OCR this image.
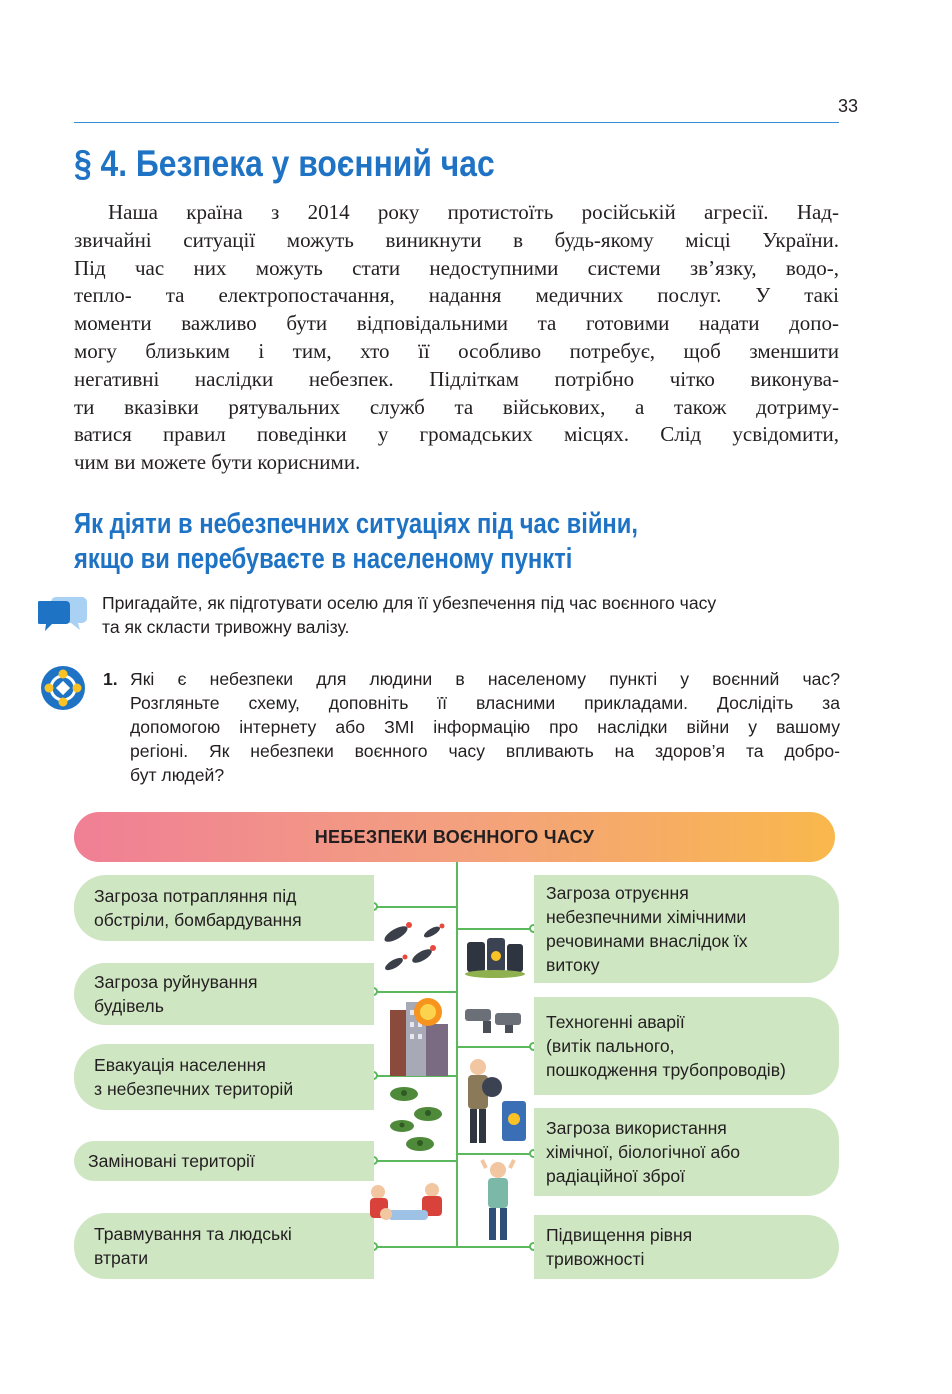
33
§ 4. Безпека у воєнний час
Наша країна з 2014 року протистоїть російській агресії. Над-
звичайні ситуації можуть виникнути в будь-якому місці України.
Під час них можуть стати недоступними системи зв’язку, водо-,
тепло- та електропостачання, надання медичних послуг. У такі
моменти важливо бути відповідальними та готовими надати допо-
могу близьким і тим, хто її особливо потребує, щоб зменшити
негативні наслідки небезпек. Підліткам потрібно чітко виконува-
ти вказівки рятувальних служб та військових, а також дотриму-
ватися правил поведінки у громадських місцях. Слід усвідомити,
чим ви можете бути корисними.
Як діяти в небезпечних ситуаціях під час війни,
якщо ви перебуваєте в населеному пункті
Пригадайте, як підготувати оселю для її убезпечення під час воєнного часу
та як скласти тривожну валізу.
1. Які є небезпеки для людини в населеному пункті у воєнний час?
Розгляньте схему, доповніть її власними прикладами. Дослідіть за
допомогою інтернету або ЗМІ інформацію про наслідки війни у вашому
регіоні. Як небезпеки воєнного часу впливають на здоров’я та добро-
бут людей?
НЕБЕЗПЕКИ ВОЄННОГО ЧАСУ
Загроза потрапляння під
обстріли, бомбардування
Загроза руйнування
будівель
Евакуація населення
з небезпечних територій
Заміновані території
Травмування та людські
втрати
Загроза отруєння
небезпечними хімічними
речовинами внаслідок їх
витоку
Техногенні аварії
(витік пального,
пошкодження трубопроводів)
Загроза використання
хімічної, біологічної або
радіаційної зброї
Підвищення рівня
тривожності
